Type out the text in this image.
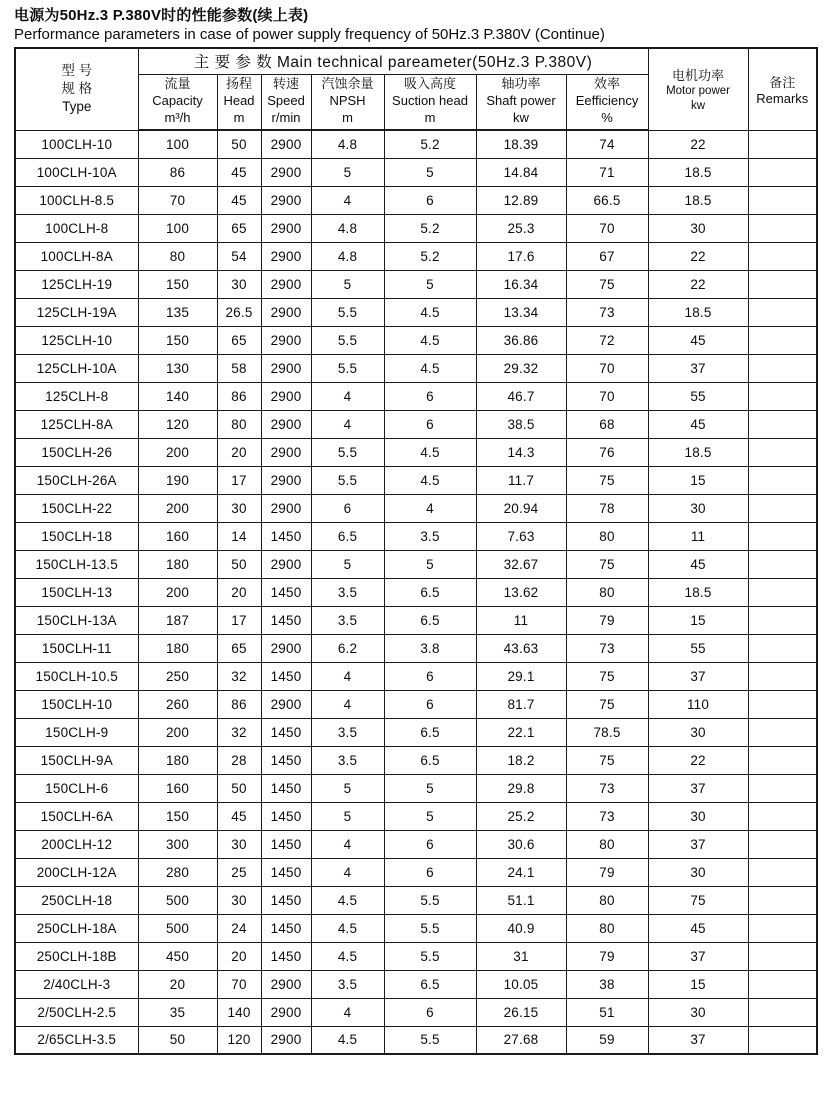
电源为50Hz.3 P.380V时的性能参数(续上表)
Performance parameters in case of power supply frequency of 50Hz.3 P.380V (Continue)
型 号
规 格
Type	主 要 参 数 Main technical pareameter(50Hz.3 P.380V)							电机功率
Motor power
kw	备注
Remarks

	流量
Capacity
m³/h	扬程
Head
m	转速
Speed
r/min	汽蚀余量
NPSH
m	吸入高度
Suction head
m	轴功率
Shaft power
kw	效率
Eefficiency
%		

100CLH-10	100	50	2900	4.8	5.2	18.39	74	22	
100CLH-10A	86	45	2900	5	5	14.84	71	18.5	
100CLH-8.5	70	45	2900	4	6	12.89	66.5	18.5	
100CLH-8	100	65	2900	4.8	5.2	25.3	70	30	
100CLH-8A	80	54	2900	4.8	5.2	17.6	67	22	
125CLH-19	150	30	2900	5	5	16.34	75	22	
125CLH-19A	135	26.5	2900	5.5	4.5	13.34	73	18.5	
125CLH-10	150	65	2900	5.5	4.5	36.86	72	45	
125CLH-10A	130	58	2900	5.5	4.5	29.32	70	37	
125CLH-8	140	86	2900	4	6	46.7	70	55	
125CLH-8A	120	80	2900	4	6	38.5	68	45	
150CLH-26	200	20	2900	5.5	4.5	14.3	76	18.5	
150CLH-26A	190	17	2900	5.5	4.5	11.7	75	15	
150CLH-22	200	30	2900	6	4	20.94	78	30	
150CLH-18	160	14	1450	6.5	3.5	7.63	80	11	
150CLH-13.5	180	50	2900	5	5	32.67	75	45	
150CLH-13	200	20	1450	3.5	6.5	13.62	80	18.5	
150CLH-13A	187	17	1450	3.5	6.5	11	79	15	
150CLH-11	180	65	2900	6.2	3.8	43.63	73	55	
150CLH-10.5	250	32	1450	4	6	29.1	75	37	
150CLH-10	260	86	2900	4	6	81.7	75	110	
150CLH-9	200	32	1450	3.5	6.5	22.1	78.5	30	
150CLH-9A	180	28	1450	3.5	6.5	18.2	75	22	
150CLH-6	160	50	1450	5	5	29.8	73	37	
150CLH-6A	150	45	1450	5	5	25.2	73	30	
200CLH-12	300	30	1450	4	6	30.6	80	37	
200CLH-12A	280	25	1450	4	6	24.1	79	30	
250CLH-18	500	30	1450	4.5	5.5	51.1	80	75	
250CLH-18A	500	24	1450	4.5	5.5	40.9	80	45	
250CLH-18B	450	20	1450	4.5	5.5	31	79	37	
2/40CLH-3	20	70	2900	3.5	6.5	10.05	38	15	
2/50CLH-2.5	35	140	2900	4	6	26.15	51	30	
2/65CLH-3.5	50	120	2900	4.5	5.5	27.68	59	37	
